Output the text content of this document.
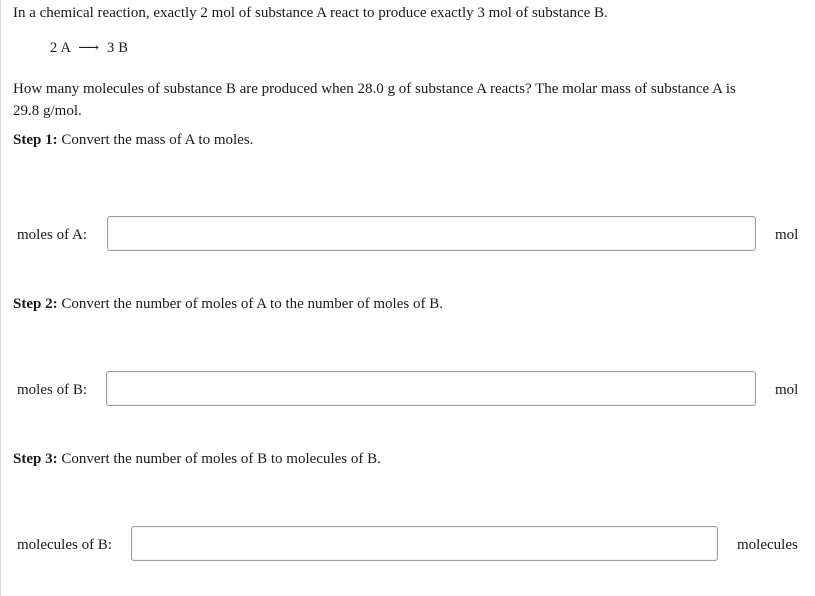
In a chemical reaction, exactly 2 mol of substance A react to produce exactly 3 mol of substance B.
2 A ⟶ 3 B
How many molecules of substance B are produced when 28.0 g of substance A reacts? The molar mass of substance A is
29.8 g/mol.
Step 1: Convert the mass of A to moles.
moles of A:	mol
Step 2: Convert the number of moles of A to the number of moles of B.
moles of B:	mol
Step 3: Convert the number of moles of B to molecules of B.
molecules of B:	molecules
